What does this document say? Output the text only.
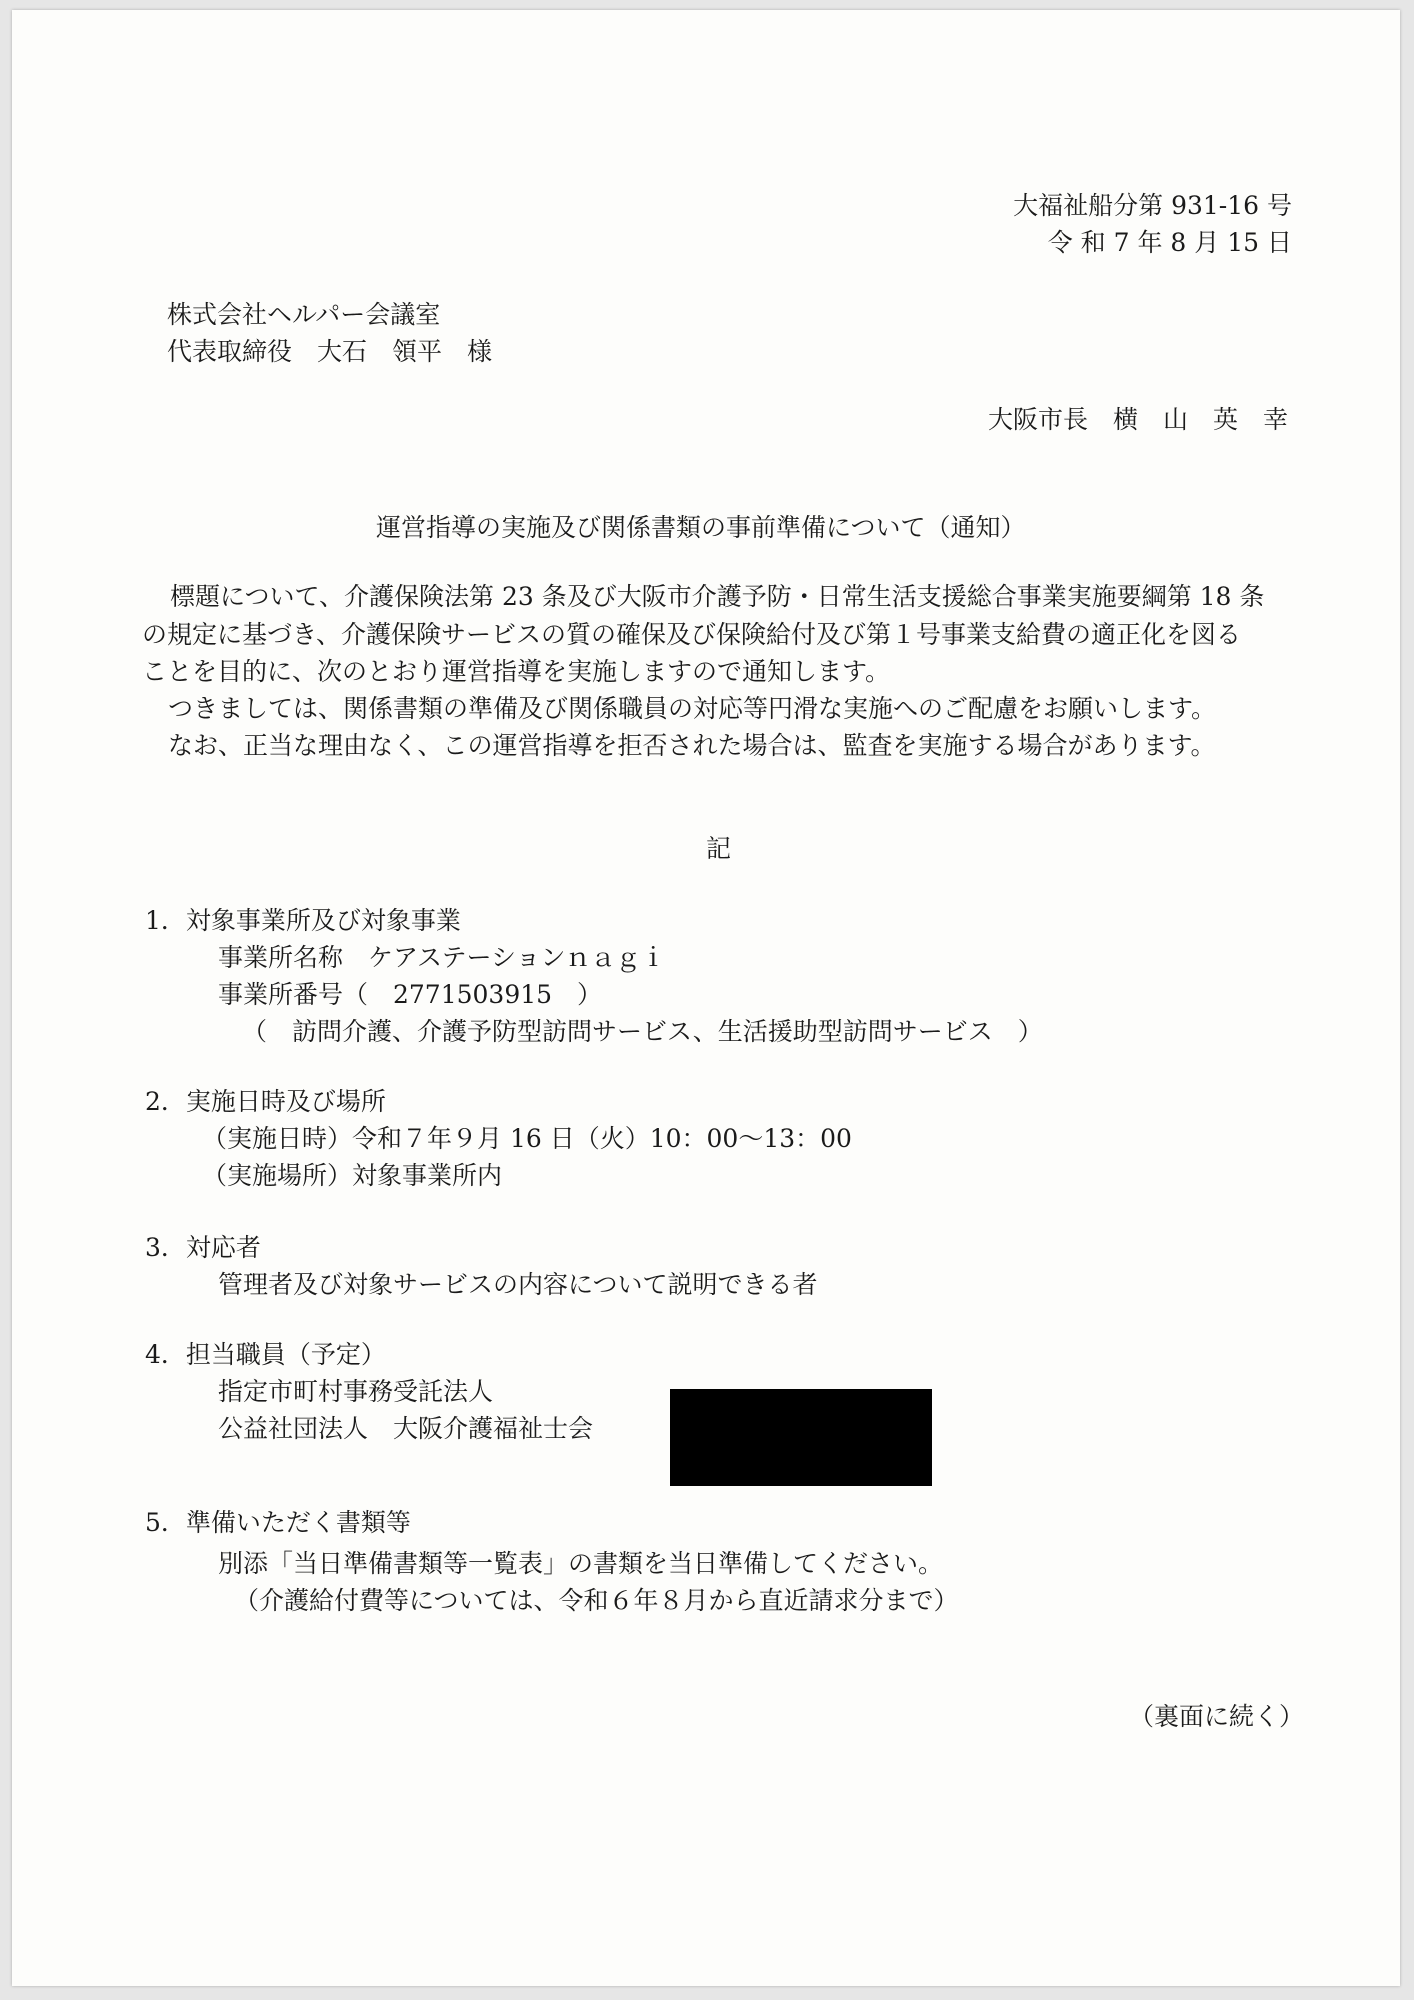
大福祉船分第 931-16 号
令 和 7 年 8 月 15 日
株式会社ヘルパー会議室
代表取締役　大石　領平　様
大阪市長　横　山　英　幸
運営指導の実施及び関係書類の事前準備について（通知）
標題について、介護保険法第 23 条及び大阪市介護予防・日常生活支援総合事業実施要綱第 18 条
の規定に基づき、介護保険サービスの質の確保及び保険給付及び第１号事業支給費の適正化を図る
ことを目的に、次のとおり運営指導を実施しますので通知します。
つきましては、関係書類の準備及び関係職員の対応等円滑な実施へのご配慮をお願いします。
なお、正当な理由なく、この運営指導を拒否された場合は、監査を実施する場合があります。
記
1．対象事業所及び対象事業
事業所名称　ケアステーションｎａｇｉ
事業所番号（　2771503915　）
（　訪問介護、介護予防型訪問サービス、生活援助型訪問サービス　）
2．実施日時及び場所
（実施日時）令和７年９月 16 日（火）10：00～13：00
（実施場所）対象事業所内
3．対応者
管理者及び対象サービスの内容について説明できる者
4．担当職員（予定）
指定市町村事務受託法人
公益社団法人　大阪介護福祉士会
5．準備いただく書類等
別添「当日準備書類等一覧表」の書類を当日準備してください。
（介護給付費等については、令和６年８月から直近請求分まで）
（裏面に続く）
